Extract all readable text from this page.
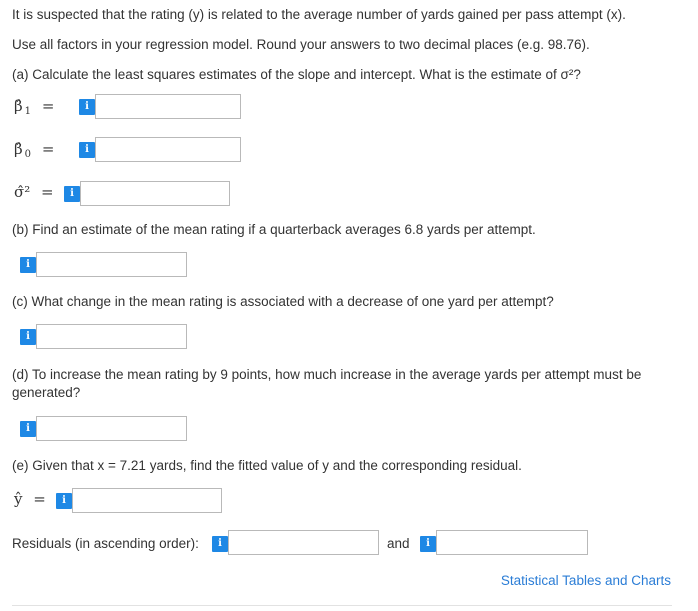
It is suspected that the rating (y) is related to the average number of yards gained per pass attempt (x).
Use all factors in your regression model. Round your answers to two decimal places (e.g. 98.76).
(a) Calculate the least squares estimates of the slope and intercept. What is the estimate of σ²?
β̂ $_1$ =	i
β̂ $_0$ =	i
σ̂² =	i
(b) Find an estimate of the mean rating if a quarterback averages 6.8 yards per attempt.
i
(c) What change in the mean rating is associated with a decrease of one yard per attempt?
i
(d) To increase the mean rating by 9 points, how much increase in the average yards per attempt must be generated?
i
(e) Given that x = 7.21 yards, find the fitted value of y and the corresponding residual.
ŷ =	i
Residuals (in ascending order):	i	and	i
Statistical Tables and Charts
